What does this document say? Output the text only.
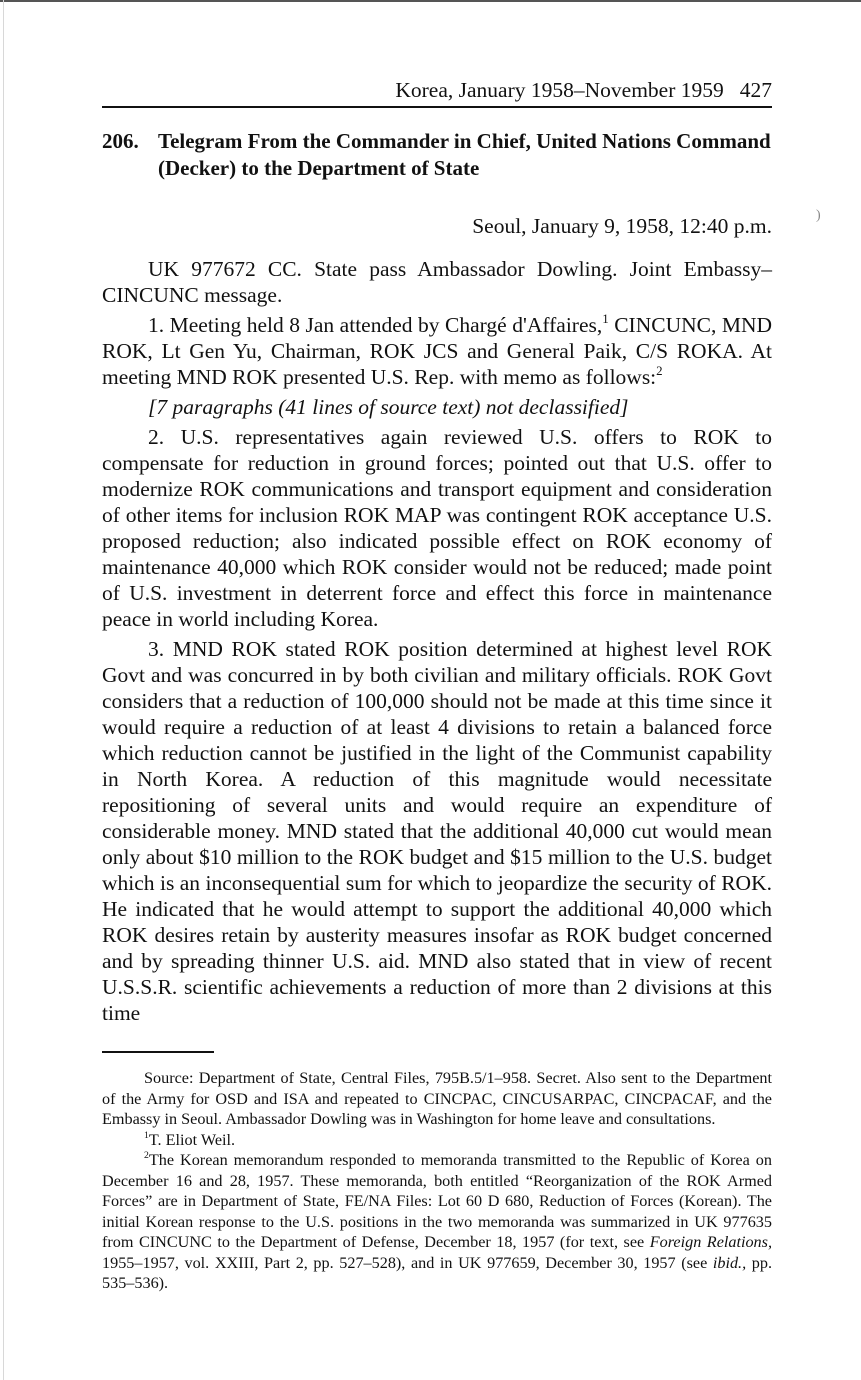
Korea, January 1958–November 1959 427
206. Telegram From the Commander in Chief, United Nations Command (Decker) to the Department of State
Seoul, January 9, 1958, 12:40 p.m.

UK 977672 CC. State pass Ambassador Dowling. Joint Embassy–CINCUNC message.

1. Meeting held 8 Jan attended by Chargé d'Affaires,$^1$ CINCUNC, MND ROK, Lt Gen Yu, Chairman, ROK JCS and General Paik, C/S ROKA. At meeting MND ROK presented U.S. Rep. with memo as follows:$^2$

[7 paragraphs (41 lines of source text) not declassified]

2. U.S. representatives again reviewed U.S. offers to ROK to compensate for reduction in ground forces; pointed out that U.S. offer to modernize ROK communications and transport equipment and consideration of other items for inclusion ROK MAP was contingent ROK acceptance U.S. proposed reduction; also indicated possible effect on ROK economy of maintenance 40,000 which ROK consider would not be reduced; made point of U.S. investment in deterrent force and effect this force in maintenance peace in world including Korea.

3. MND ROK stated ROK position determined at highest level ROK Govt and was concurred in by both civilian and military officials. ROK Govt considers that a reduction of 100,000 should not be made at this time since it would require a reduction of at least 4 divisions to retain a balanced force which reduction cannot be justified in the light of the Communist capability in North Korea. A reduction of this magnitude would necessitate repositioning of several units and would require an expenditure of considerable money. MND stated that the additional 40,000 cut would mean only about $10 million to the ROK budget and $15 million to the U.S. budget which is an inconsequential sum for which to jeopardize the security of ROK. He indicated that he would attempt to support the additional 40,000 which ROK desires retain by austerity measures insofar as ROK budget concerned and by spreading thinner U.S. aid. MND also stated that in view of recent U.S.S.R. scientific achievements a reduction of more than 2 divisions at this time

Source: Department of State, Central Files, 795B.5/1–958. Secret. Also sent to the Department of the Army for OSD and ISA and repeated to CINCPAC, CINCUSARPAC, CINCPACAF, and the Embassy in Seoul. Ambassador Dowling was in Washington for home leave and consultations.

$^1$T. Eliot Weil.

$^2$The Korean memorandum responded to memoranda transmitted to the Republic of Korea on December 16 and 28, 1957. These memoranda, both entitled “Reorganization of the ROK Armed Forces” are in Department of State, FE/NA Files: Lot 60 D 680, Reduction of Forces (Korean). The initial Korean response to the U.S. positions in the two memoranda was summarized in UK 977635 from CINCUNC to the Department of Defense, December 18, 1957 (for text, see Foreign Relations, 1955–1957, vol. XXIII, Part 2, pp. 527–528), and in UK 977659, December 30, 1957 (see ibid., pp. 535–536).

)
